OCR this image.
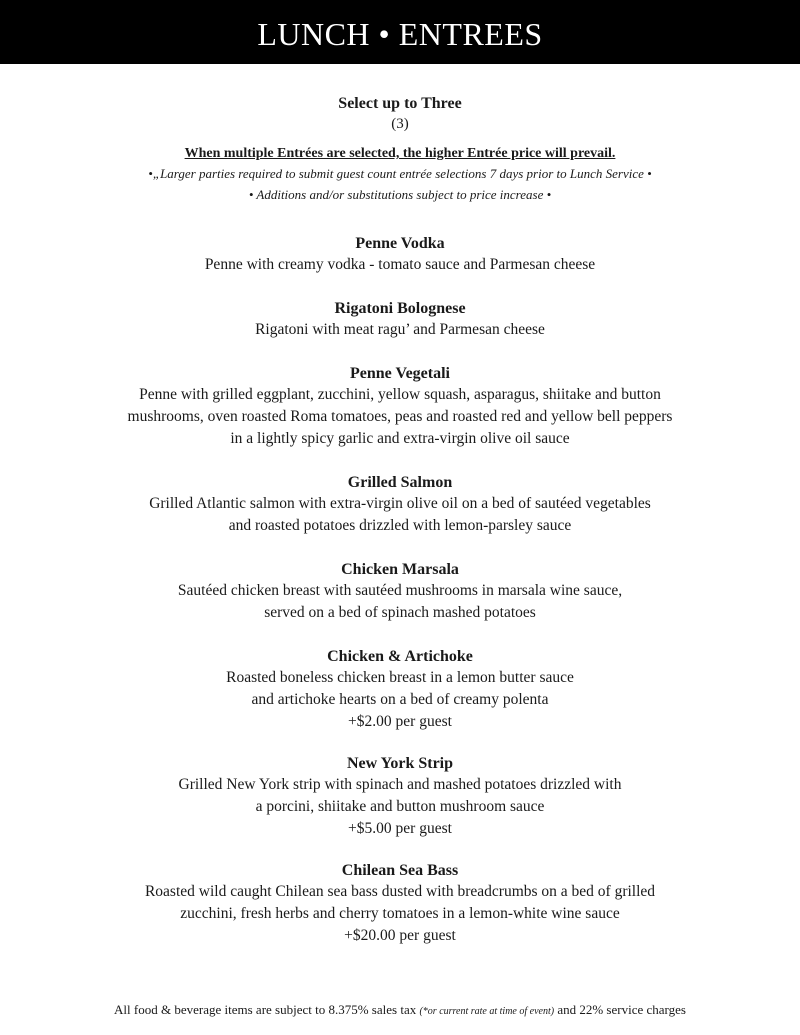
LUNCH • ENTREES
Select up to Three
(3)
When multiple Entrées are selected, the higher Entrée price will prevail.
•„Larger parties required to submit guest count entrée selections 7 days prior to Lunch Service •
• Additions and/or substitutions subject to price increase •
Penne Vodka
Penne with creamy vodka - tomato sauce and Parmesan cheese
Rigatoni Bolognese
Rigatoni with meat ragu’ and Parmesan cheese
Penne Vegetali
Penne with grilled eggplant, zucchini, yellow squash, asparagus, shiitake and button
mushrooms, oven roasted Roma tomatoes, peas and roasted red and yellow bell peppers
in a lightly spicy garlic and extra-virgin olive oil sauce
Grilled Salmon
Grilled Atlantic salmon with extra-virgin olive oil on a bed of sautéed vegetables
and roasted potatoes drizzled with lemon-parsley sauce
Chicken Marsala
Sautéed chicken breast with sautéed mushrooms in marsala wine sauce,
served on a bed of spinach mashed potatoes
Chicken & Artichoke
Roasted boneless chicken breast in a lemon butter sauce
and artichoke hearts on a bed of creamy polenta
+$2.00 per guest
New York Strip
Grilled New York strip with spinach and mashed potatoes drizzled with
a porcini, shiitake and button mushroom sauce
+$5.00 per guest
Chilean Sea Bass
Roasted wild caught Chilean sea bass dusted with breadcrumbs on a bed of grilled
zucchini, fresh herbs and cherry tomatoes in a lemon-white wine sauce
+$20.00 per guest
All food & beverage items are subject to 8.375% sales tax (*or current rate at time of event) and 22% service charges
